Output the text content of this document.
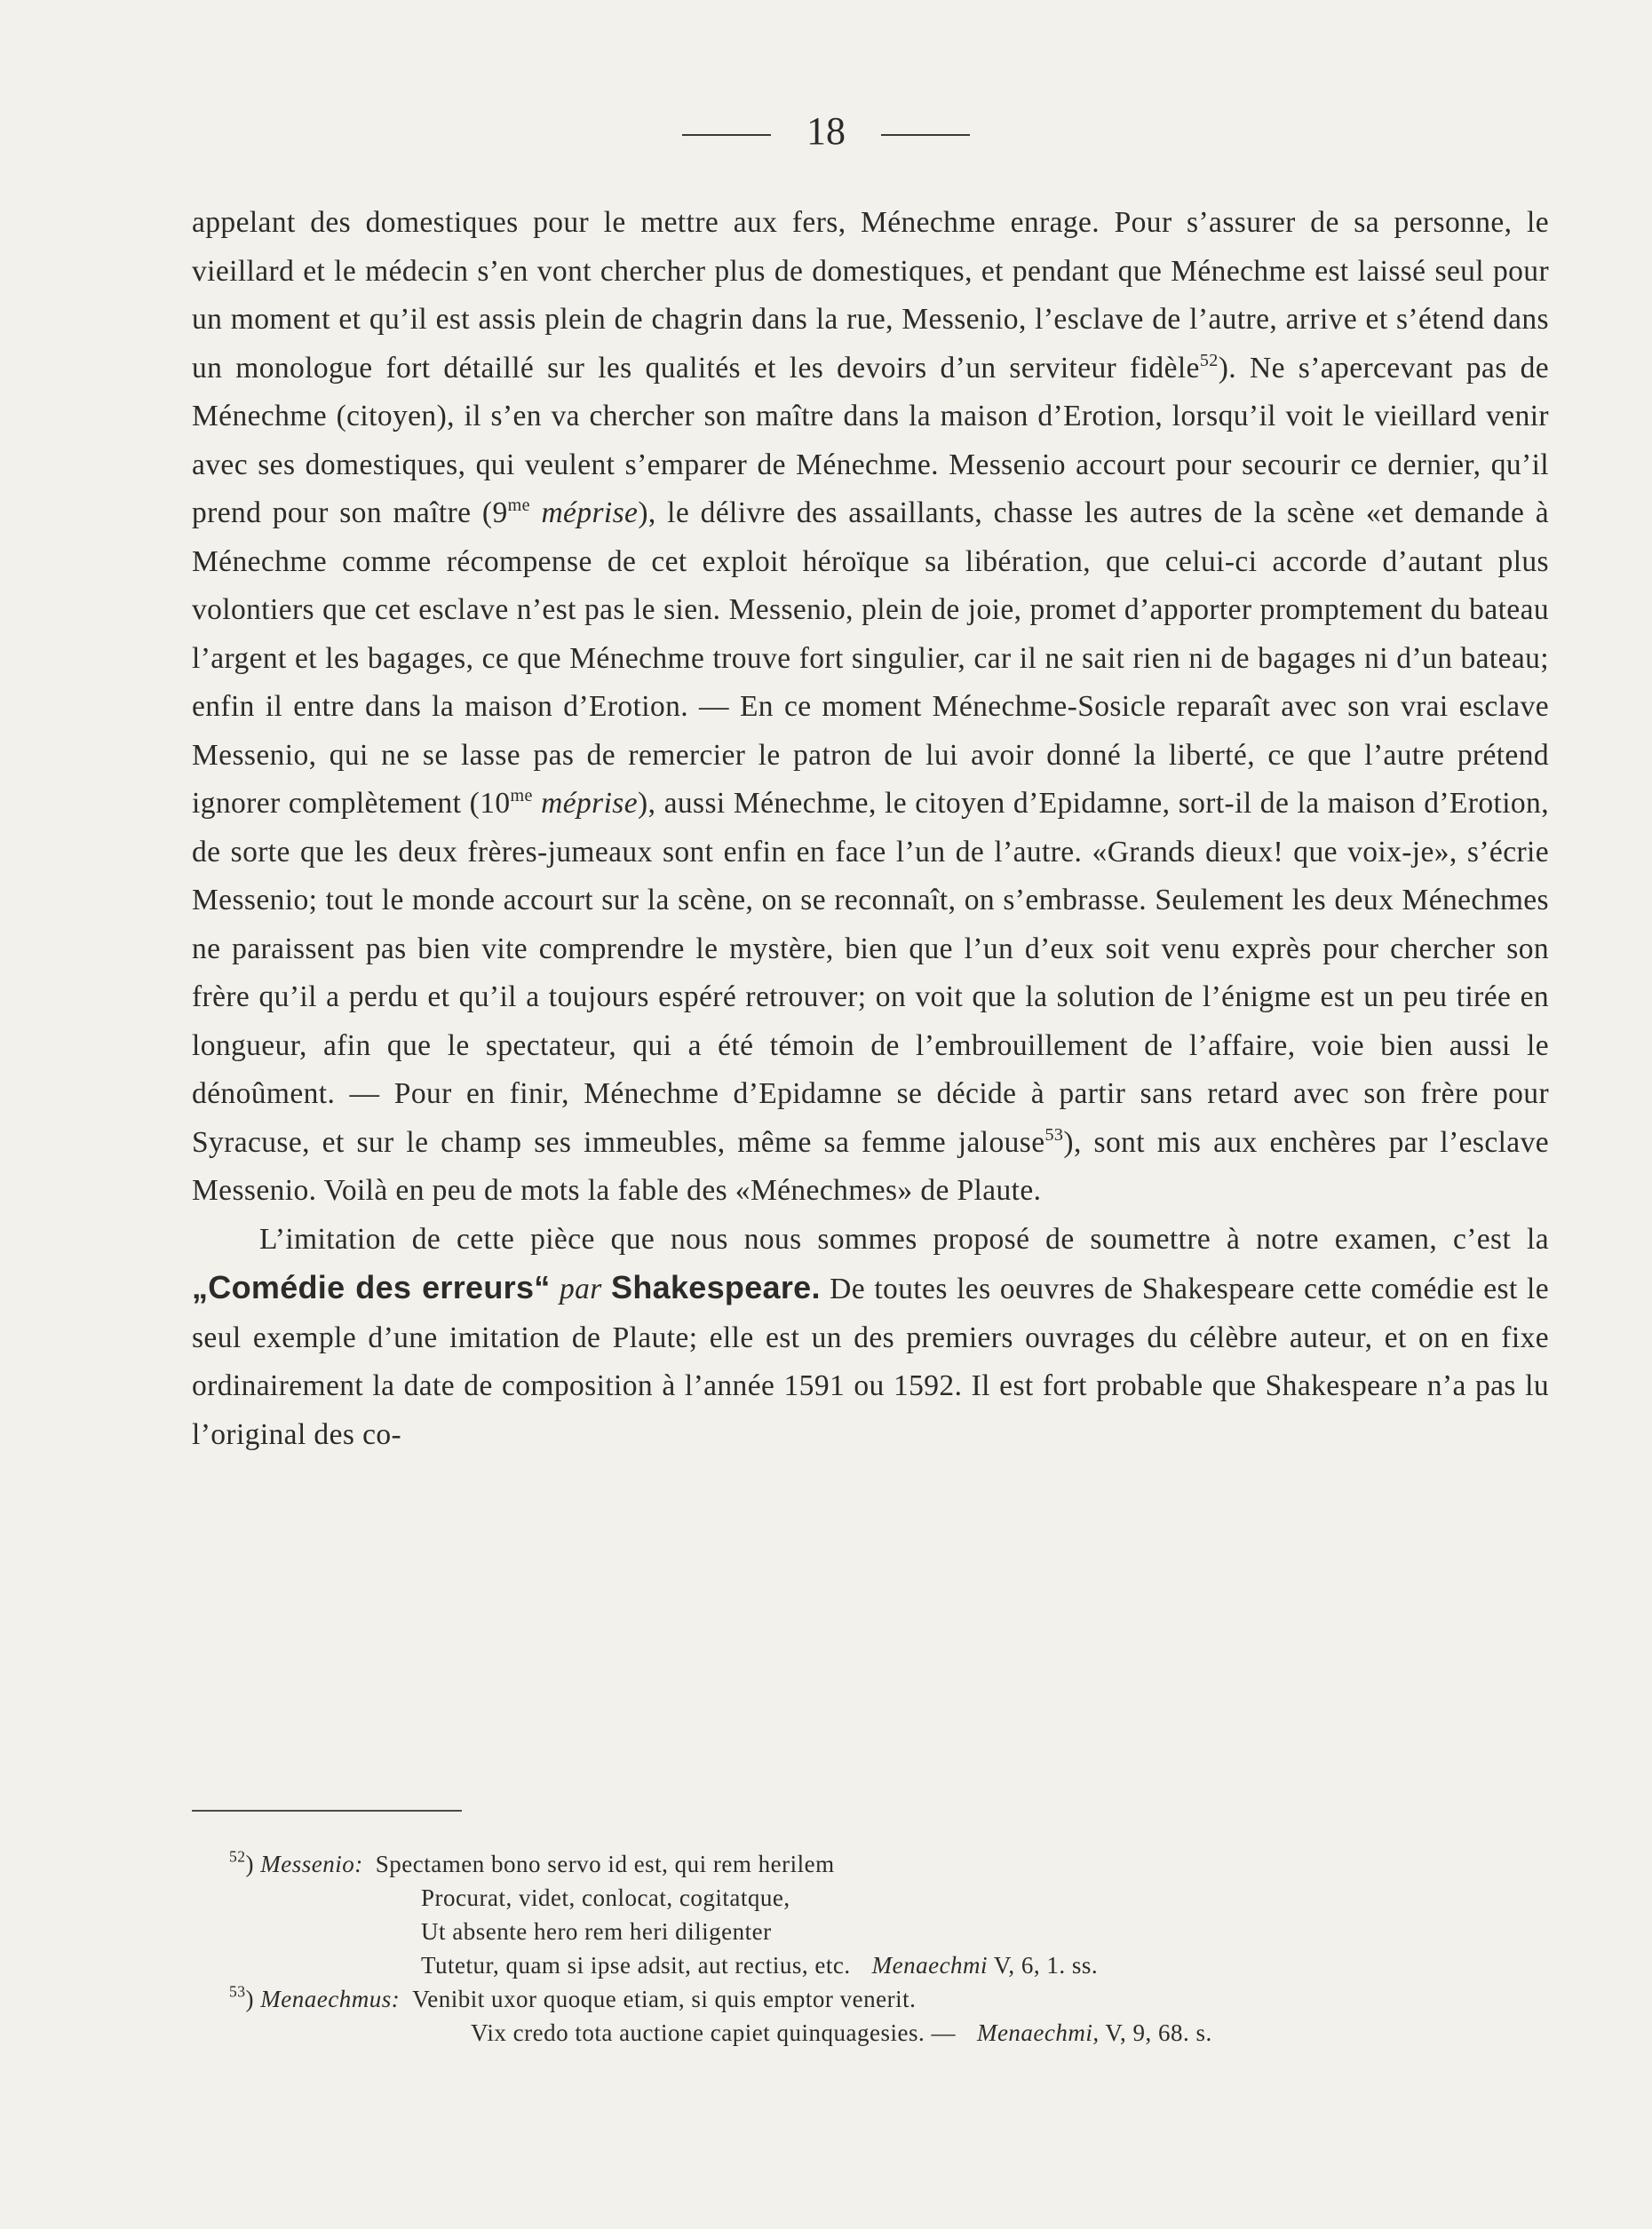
18

appelant des domestiques pour le mettre aux fers, Ménechme enrage. Pour s’assurer de sa personne, le vieillard et le médecin s’en vont chercher plus de domestiques, et pendant que Ménechme est laissé seul pour un moment et qu’il est assis plein de chagrin dans la rue, Messenio, l’esclave de l’autre, arrive et s’étend dans un monologue fort détaillé sur les qualités et les devoirs d’un serviteur fidèle$^{52}$). Ne s’apercevant pas de Ménechme (citoyen), il s’en va chercher son maître dans la maison d’Erotion, lorsqu’il voit le vieillard venir avec ses domestiques, qui veulent s’emparer de Ménechme. Messenio accourt pour secourir ce dernier, qu’il prend pour son maître ($9^{me}$ méprise), le délivre des assaillants, chasse les autres de la scène «et demande à Ménechme comme récompense de cet exploit héroïque sa libération, que celui-ci accorde d’autant plus volontiers que cet esclave n’est pas le sien. Messenio, plein de joie, promet d’apporter promptement du bateau l’argent et les bagages, ce que Ménechme trouve fort singulier, car il ne sait rien ni de bagages ni d’un bateau; enfin il entre dans la maison d’Erotion. — En ce moment Ménechme-Sosicle reparaît avec son vrai esclave Messenio, qui ne se lasse pas de remercier le patron de lui avoir donné la liberté, ce que l’autre prétend ignorer complètement ($10^{me}$ méprise), aussi Ménechme, le citoyen d’Epidamne, sort-il de la maison d’Erotion, de sorte que les deux frères-jumeaux sont enfin en face l’un de l’autre. «Grands dieux! que voix-je», s’écrie Messenio; tout le monde accourt sur la scène, on se reconnaît, on s’embrasse. Seulement les deux Ménechmes ne paraissent pas bien vite comprendre le mystère, bien que l’un d’eux soit venu exprès pour chercher son frère qu’il a perdu et qu’il a toujours espéré retrouver; on voit que la solution de l’énigme est un peu tirée en longueur, afin que le spectateur, qui a été témoin de l’embrouillement de l’affaire, voie bien aussi le dénoûment. — Pour en finir, Ménechme d’Epidamne se décide à partir sans retard avec son frère pour Syracuse, et sur le champ ses immeubles, même sa femme jalouse$^{53}$), sont mis aux enchères par l’esclave Messenio. Voilà en peu de mots la fable des «Ménechmes» de Plaute.

L’imitation de cette pièce que nous nous sommes proposé de soumettre à notre examen, c’est la „Comédie des erreurs“ par Shakespeare. De toutes les oeuvres de Shakespeare cette comédie est le seul exemple d’une imitation de Plaute; elle est un des premiers ouvrages du célèbre auteur, et on en fixe ordinairement la date de composition à l’année 1591 ou 1592. Il est fort probable que Shakespeare n’a pas lu l’original des co-

$^{52}$) Messenio: Spectamen bono servo id est, qui rem herilem
Procurat, videt, conlocat, cogitatque,
Ut absente hero rem heri diligenter
Tutetur, quam si ipse adsit, aut rectius, etc. Menaechmi V, 6, 1. ss.
$^{53}$) Menaechmus: Venibit uxor quoque etiam, si quis emptor venerit.
Vix credo tota auctione capiet quinquagesies. — Menaechmi, V, 9, 68. s.
